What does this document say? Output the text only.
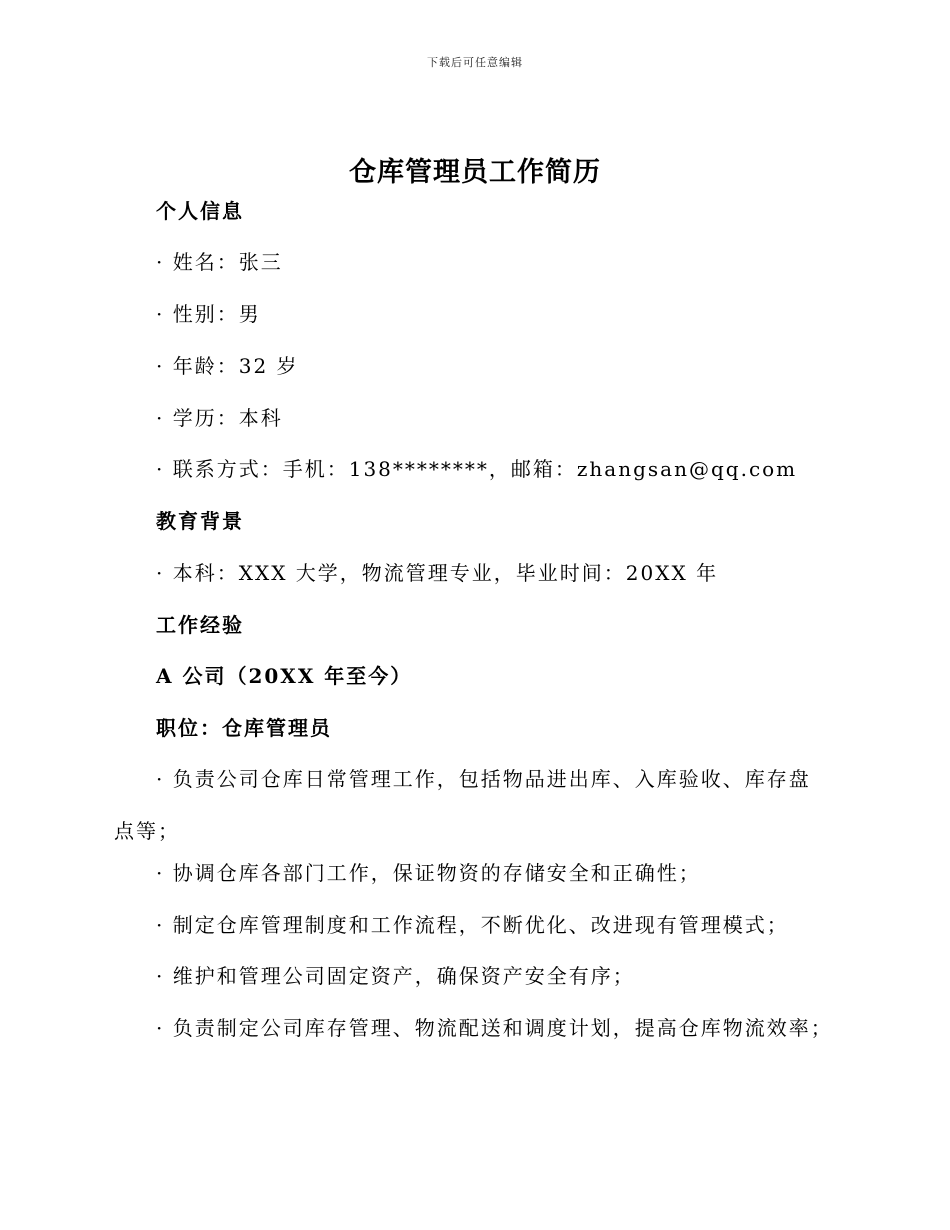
下载后可任意编辑
仓库管理员工作简历
个人信息
· 姓名：张三
· 性别：男
· 年龄：32 岁
· 学历：本科
· 联系方式：手机：138********，邮箱：zhangsan@qq.com
教育背景
· 本科：XXX 大学，物流管理专业，毕业时间：20XX 年
工作经验
A 公司（20XX 年至今）
职位：仓库管理员
· 负责公司仓库日常管理工作，包括物品进出库、入库验收、库存盘点等；
· 协调仓库各部门工作，保证物资的存储安全和正确性；
· 制定仓库管理制度和工作流程，不断优化、改进现有管理模式；
· 维护和管理公司固定资产，确保资产安全有序；
· 负责制定公司库存管理、物流配送和调度计划，提高仓库物流效率；
